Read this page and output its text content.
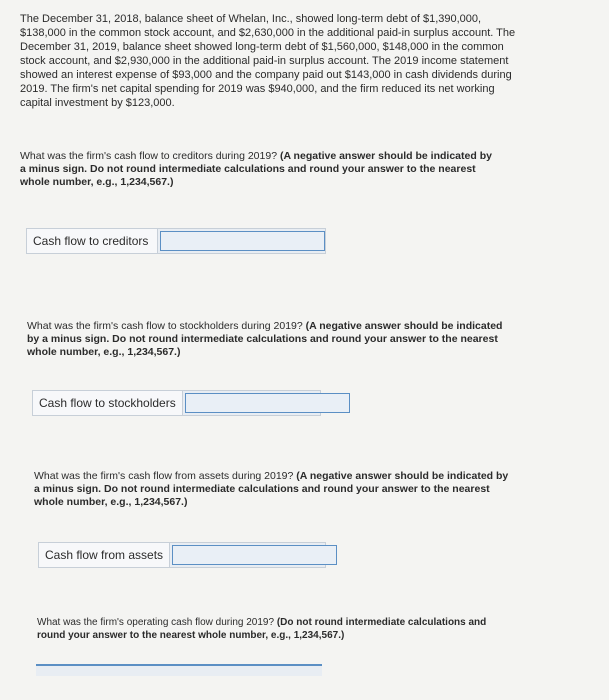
The December 31, 2018, balance sheet of Whelan, Inc., showed long-term debt of $1,390,000, $138,000 in the common stock account, and $2,630,000 in the additional paid-in surplus account. The December 31, 2019, balance sheet showed long-term debt of $1,560,000, $148,000 in the common stock account, and $2,930,000 in the additional paid-in surplus account. The 2019 income statement showed an interest expense of $93,000 and the company paid out $143,000 in cash dividends during 2019. The firm's net capital spending for 2019 was $940,000, and the firm reduced its net working capital investment by $123,000.

What was the firm's cash flow to creditors during 2019? (A negative answer should be indicated by a minus sign. Do not round intermediate calculations and round your answer to the nearest whole number, e.g., 1,234,567.)

Cash flow to creditors

What was the firm's cash flow to stockholders during 2019? (A negative answer should be indicated by a minus sign. Do not round intermediate calculations and round your answer to the nearest whole number, e.g., 1,234,567.)

Cash flow to stockholders

What was the firm's cash flow from assets during 2019? (A negative answer should be indicated by a minus sign. Do not round intermediate calculations and round your answer to the nearest whole number, e.g., 1,234,567.)

Cash flow from assets

What was the firm's operating cash flow during 2019? (Do not round intermediate calculations and round your answer to the nearest whole number, e.g., 1,234,567.)
